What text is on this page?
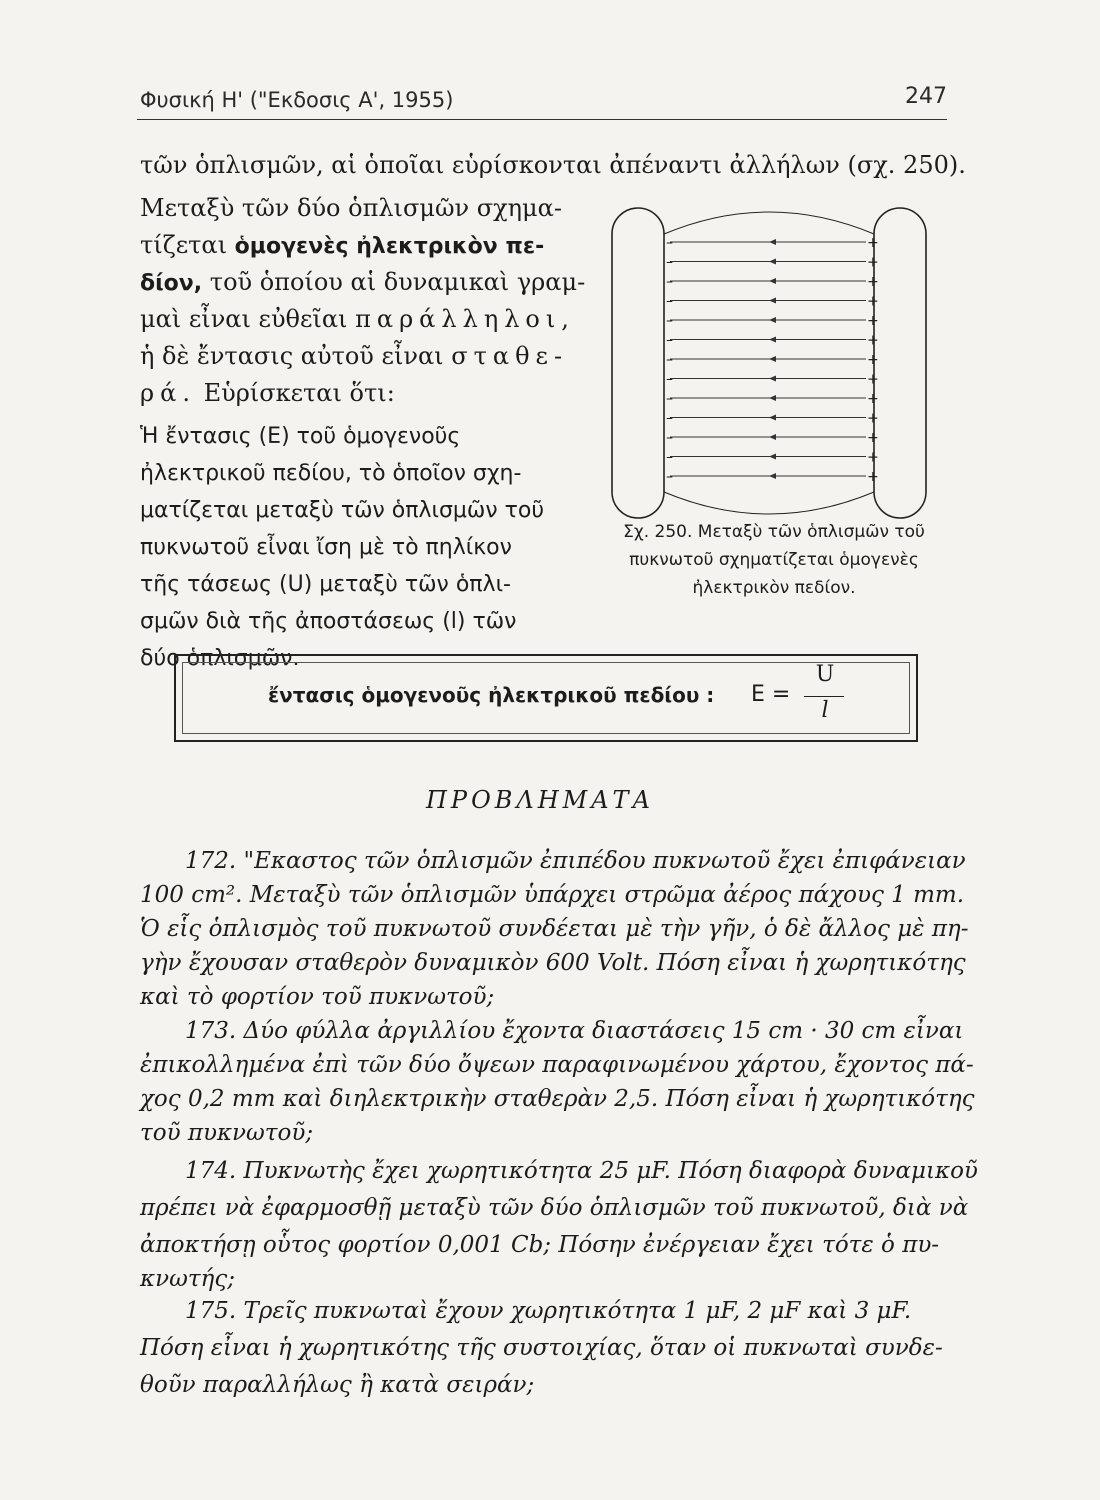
Φυσική Η' ("Εκδοσις Α', 1955)	247
τῶν ὁπλισμῶν, αἱ ὁποῖαι εὑρίσκονται ἀπέναντι ἀλλήλων (σχ. 250).
Μεταξὺ τῶν δύο ὁπλισμῶν σχημα-
τίζεται ὁμογενὲς ἠλεκτρικὸν πε-
δίον, τοῦ ὁποίου αἱ δυναμικαὶ γραμ-
μαὶ εἶναι εὐθεῖαι παράλληλοι,
ἡ δὲ ἔντασις αὐτοῦ εἶναι σταθε-
ρά. Εὑρίσκεται ὅτι:
Ἡ ἔντασις (Ε) τοῦ ὁμογενοῦς
ἠλεκτρικοῦ πεδίου, τὸ ὁποῖον σχη-
ματίζεται μεταξὺ τῶν ὁπλισμῶν τοῦ
πυκνωτοῦ εἶναι ἴση μὲ τὸ πηλίκον
τῆς τάσεως (U) μεταξὺ τῶν ὁπλι-
σμῶν διὰ τῆς ἀποστάσεως (l) τῶν
δύο ὁπλισμῶν.
+
+
+
+
+
+
+
+
+
+
+
+
+
–
–
–
–
–
–
–
–
–
–
–
–
–
Σχ. 250. Μεταξὺ τῶν ὁπλισμῶν τοῦ
πυκνωτοῦ σχηματίζεται ὁμογενὲς
ἠλεκτρικὸν πεδίον.
ἔντασις ὁμογενοῦς ἠλεκτρικοῦ πεδίου : E =
U
l
ΠΡΟΒΛΗΜΑΤΑ
172. "Εκαστος τῶν ὁπλισμῶν ἐπιπέδου πυκνωτοῦ ἔχει ἐπιφάνειαν
100 cm². Μεταξὺ τῶν ὁπλισμῶν ὑπάρχει στρῶμα ἀέρος πάχους 1 mm.
Ὁ εἷς ὁπλισμὸς τοῦ πυκνωτοῦ συνδέεται μὲ τὴν γῆν, ὁ δὲ ἄλλος μὲ πη-
γὴν ἔχουσαν σταθερὸν δυναμικὸν 600 Volt. Πόση εἶναι ἡ χωρητικότης
καὶ τὸ φορτίον τοῦ πυκνωτοῦ;
173. Δύο φύλλα ἀργιλλίου ἔχοντα διαστάσεις 15 cm · 30 cm εἶναι
ἐπικολλημένα ἐπὶ τῶν δύο ὄψεων παραφινωμένου χάρτου, ἔχοντος πά-
χος 0,2 mm καὶ διηλεκτρικὴν σταθερὰν 2,5. Πόση εἶναι ἡ χωρητικότης
τοῦ πυκνωτοῦ;
174. Πυκνωτὴς ἔχει χωρητικότητα 25 μF. Πόση διαφορὰ δυναμικοῦ
πρέπει νὰ ἐφαρμοσθῇ μεταξὺ τῶν δύο ὁπλισμῶν τοῦ πυκνωτοῦ, διὰ νὰ
ἀποκτήσῃ οὗτος φορτίον 0,001 Cb; Πόσην ἐνέργειαν ἔχει τότε ὁ πυ-
κνωτής;
175. Τρεῖς πυκνωταὶ ἔχουν χωρητικότητα 1 μF, 2 μF καὶ 3 μF.
Πόση εἶναι ἡ χωρητικότης τῆς συστοιχίας, ὅταν οἱ πυκνωταὶ συνδε-
θοῦν παραλλήλως ἢ κατὰ σειράν;
